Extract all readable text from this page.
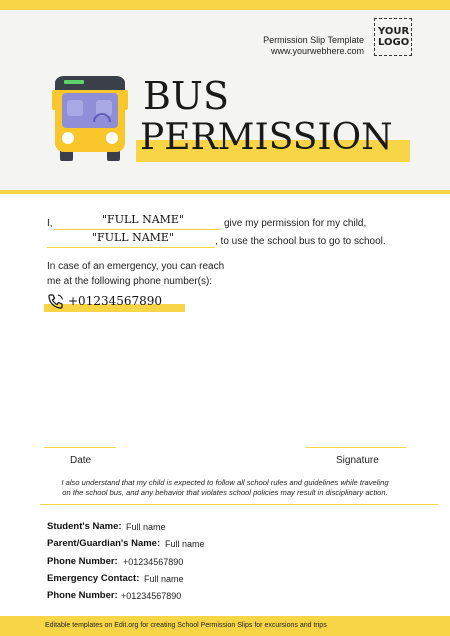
Permission Slip Template
www.yourwebhere.com
YOUR
LOGO
BUS
PERMISSION
I,	"FULL NAME"	give my permission for my child,
"FULL NAME"	, to use the school bus to go to school.
In case of an emergency, you can reach
me at the following phone number(s):
+01234567890
Date	Signature
I also understand that my child is expected to follow all school rules and guidelines while traveling
on the school bus, and any behavior that violates school policies may result in disciplinary action.
Student's Name: Full name
Parent/Guardian's Name: Full name
Phone Number: +01234567890
Emergency Contact: Full name
Phone Number: +01234567890
Editable templates on Edit.org for creating School Permission Slips for excursions and trips
